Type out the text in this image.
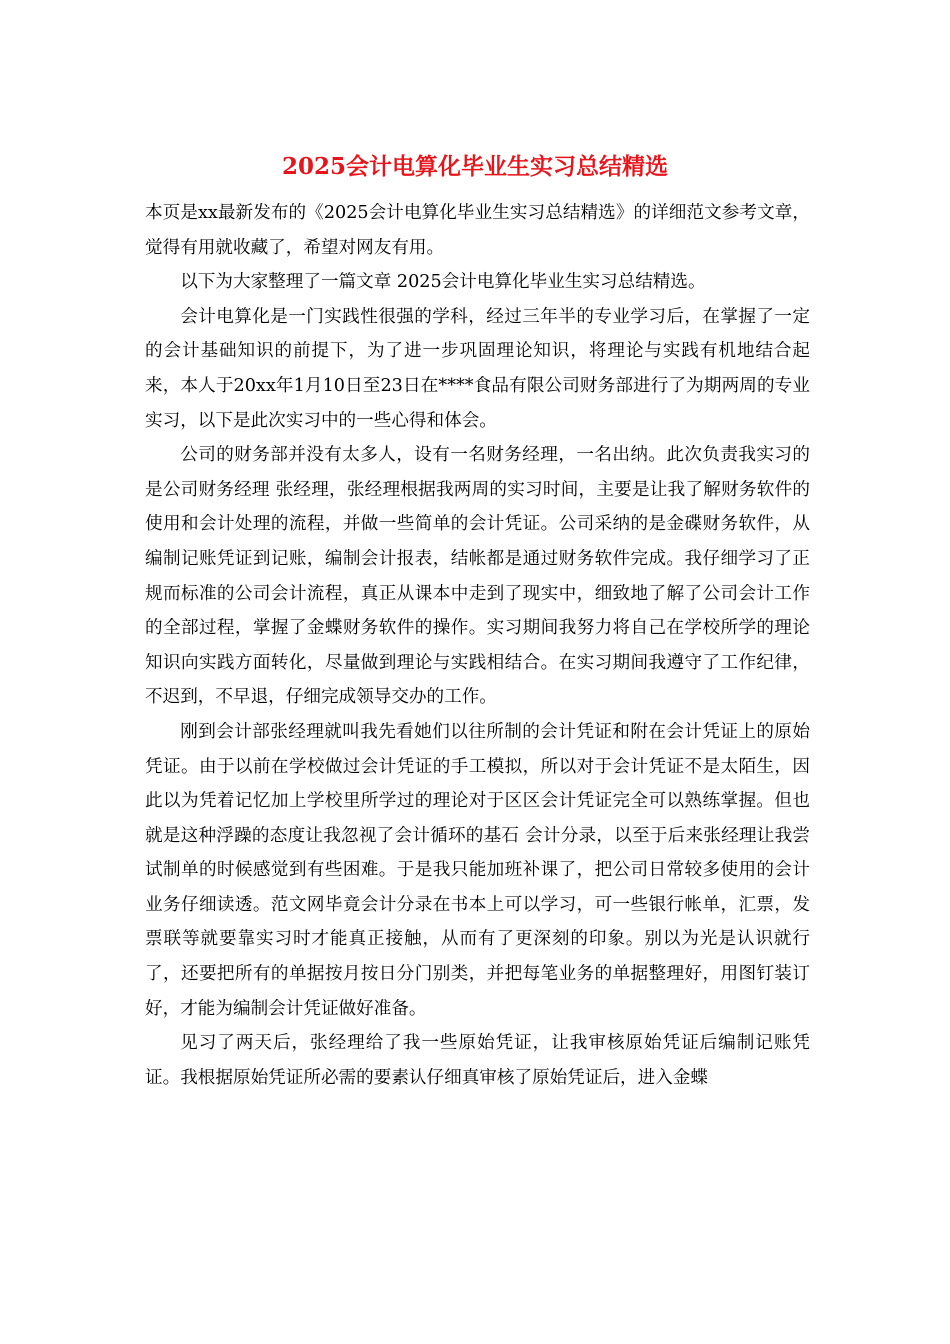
2025会计电算化毕业生实习总结精选

本页是xx最新发布的《2025会计电算化毕业生实习总结精选》的详细范文参考文章，觉得有用就收藏了，希望对网友有用。

以下为大家整理了一篇文章 2025会计电算化毕业生实习总结精选。

会计电算化是一门实践性很强的学科，经过三年半的专业学习后，在掌握了一定的会计基础知识的前提下，为了进一步巩固理论知识，将理论与实践有机地结合起来，本人于20xx年1月10日至23日在****食品有限公司财务部进行了为期两周的专业实习，以下是此次实习中的一些心得和体会。

公司的财务部并没有太多人，设有一名财务经理，一名出纳。此次负责我实习的是公司财务经理 张经理，张经理根据我两周的实习时间，主要是让我了解财务软件的使用和会计处理的流程，并做一些简单的会计凭证。公司采纳的是金碟财务软件，从编制记账凭证到记账，编制会计报表，结帐都是通过财务软件完成。我仔细学习了正规而标准的公司会计流程，真正从课本中走到了现实中，细致地了解了公司会计工作的全部过程，掌握了金蝶财务软件的操作。实习期间我努力将自己在学校所学的理论知识向实践方面转化，尽量做到理论与实践相结合。在实习期间我遵守了工作纪律，不迟到，不早退，仔细完成领导交办的工作。

刚到会计部张经理就叫我先看她们以往所制的会计凭证和附在会计凭证上的原始凭证。由于以前在学校做过会计凭证的手工模拟，所以对于会计凭证不是太陌生，因此以为凭着记忆加上学校里所学过的理论对于区区会计凭证完全可以熟练掌握。但也就是这种浮躁的态度让我忽视了会计循环的基石 会计分录，以至于后来张经理让我尝试制单的时候感觉到有些困难。于是我只能加班补课了，把公司日常较多使用的会计业务仔细读透。范文网毕竟会计分录在书本上可以学习，可一些银行帐单，汇票，发票联等就要靠实习时才能真正接触，从而有了更深刻的印象。别以为光是认识就行了，还要把所有的单据按月按日分门别类，并把每笔业务的单据整理好，用图钉装订好，才能为编制会计凭证做好准备。

见习了两天后，张经理给了我一些原始凭证，让我审核原始凭证后编制记账凭证。我根据原始凭证所必需的要素认仔细真审核了原始凭证后，进入金蝶
